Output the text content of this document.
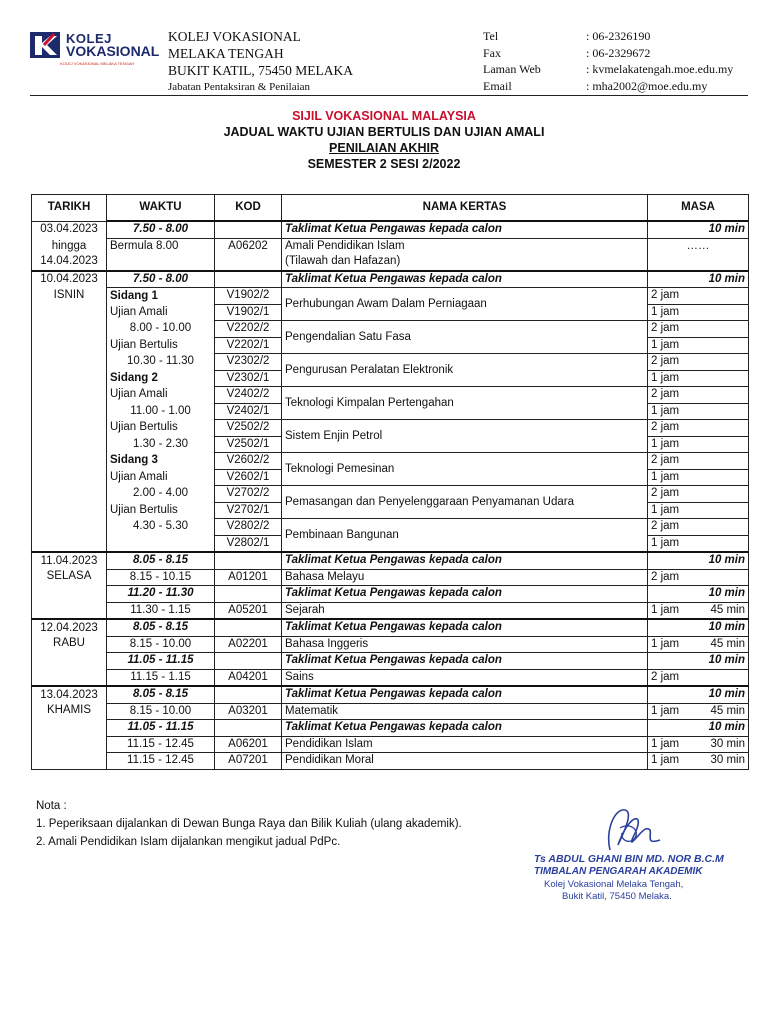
KOLEJ
VOKASIONAL
KOLEJ VOKASIONAL MELAKA TENGAH
KOLEJ VOKASIONAL
MELAKA TENGAH
BUKIT KATIL, 75450 MELAKA
Jabatan Pentaksiran & Penilaian
Tel	: 06-2326190
Fax	: 06-2329672
Laman Web	: kvmelakatengah.moe.edu.my
Email	: mha2002@moe.edu.my
SIJIL VOKASIONAL MALAYSIA
JADUAL WAKTU UJIAN BERTULIS DAN UJIAN AMALI
PENILAIAN AKHIR
SEMESTER 2 SESI 2/2022
TARIKH	WAKTU	KOD	NAMA KERTAS	MASA
03.04.2023	7.50 - 8.00		Taklimat Ketua Pengawas kepada calon	10 min
hingga	Bermula 8.00	A06202	Amali Pendidikan Islam	……
14.04.2023			(Tilawah dan Hafazan)	
10.04.2023	7.50 - 8.00		Taklimat Ketua Pengawas kepada calon	10 min
ISNIN	Sidang 1	V1902/2	Perhubungan Awam Dalam Perniagaan	2 jam
	Ujian Amali	V1902/1		1 jam
	8.00 - 10.00	V2202/2	Pengendalian Satu Fasa	2 jam
	Ujian Bertulis	V2202/1		1 jam
	10.30 - 11.30	V2302/2	Pengurusan Peralatan Elektronik	2 jam
	Sidang 2	V2302/1		1 jam
	Ujian Amali	V2402/2	Teknologi Kimpalan Pertengahan	2 jam
	11.00 - 1.00	V2402/1		1 jam
	Ujian Bertulis	V2502/2	Sistem Enjin Petrol	2 jam
	1.30 - 2.30	V2502/1		1 jam
	Sidang 3	V2602/2	Teknologi Pemesinan	2 jam
	Ujian Amali	V2602/1		1 jam
	2.00 - 4.00	V2702/2	Pemasangan dan Penyelenggaraan Penyamanan Udara	2 jam
	Ujian Bertulis	V2702/1		1 jam
	4.30 - 5.30	V2802/2	Pembinaan Bangunan	2 jam
		V2802/1		1 jam
11.04.2023	8.05 - 8.15		Taklimat Ketua Pengawas kepada calon	10 min
SELASA	8.15 - 10.15	A01201	Bahasa Melayu	2 jam

	11.20 - 11.30		Taklimat Ketua Pengawas kepada calon	10 min
	11.30 - 1.15	A05201	Sejarah	1 jam 45 min

12.04.2023	8.05 - 8.15		Taklimat Ketua Pengawas kepada calon	10 min
RABU	8.15 - 10.00	A02201	Bahasa Inggeris	1 jam 45 min

	11.05 - 11.15		Taklimat Ketua Pengawas kepada calon	10 min
	11.15 - 1.15	A04201	Sains	2 jam

13.04.2023	8.05 - 8.15		Taklimat Ketua Pengawas kepada calon	10 min
KHAMIS	8.15 - 10.00	A03201	Matematik	1 jam 45 min

	11.05 - 11.15		Taklimat Ketua Pengawas kepada calon	10 min
	11.15 - 12.45	A06201	Pendidikan Islam	1 jam 30 min

	11.15 - 12.45	A07201	Pendidikan Moral	1 jam 30 min
Nota :
1. Peperiksaan dijalankan di Dewan Bunga Raya dan Bilik Kuliah (ulang akademik).
2. Amali Pendidikan Islam dijalankan mengikut jadual PdPc.
Ts ABDUL GHANI BIN MD. NOR B.C.M
TIMBALAN PENGARAH AKADEMIK
Kolej Vokasional Melaka Tengah,
Bukit Katil, 75450 Melaka.
